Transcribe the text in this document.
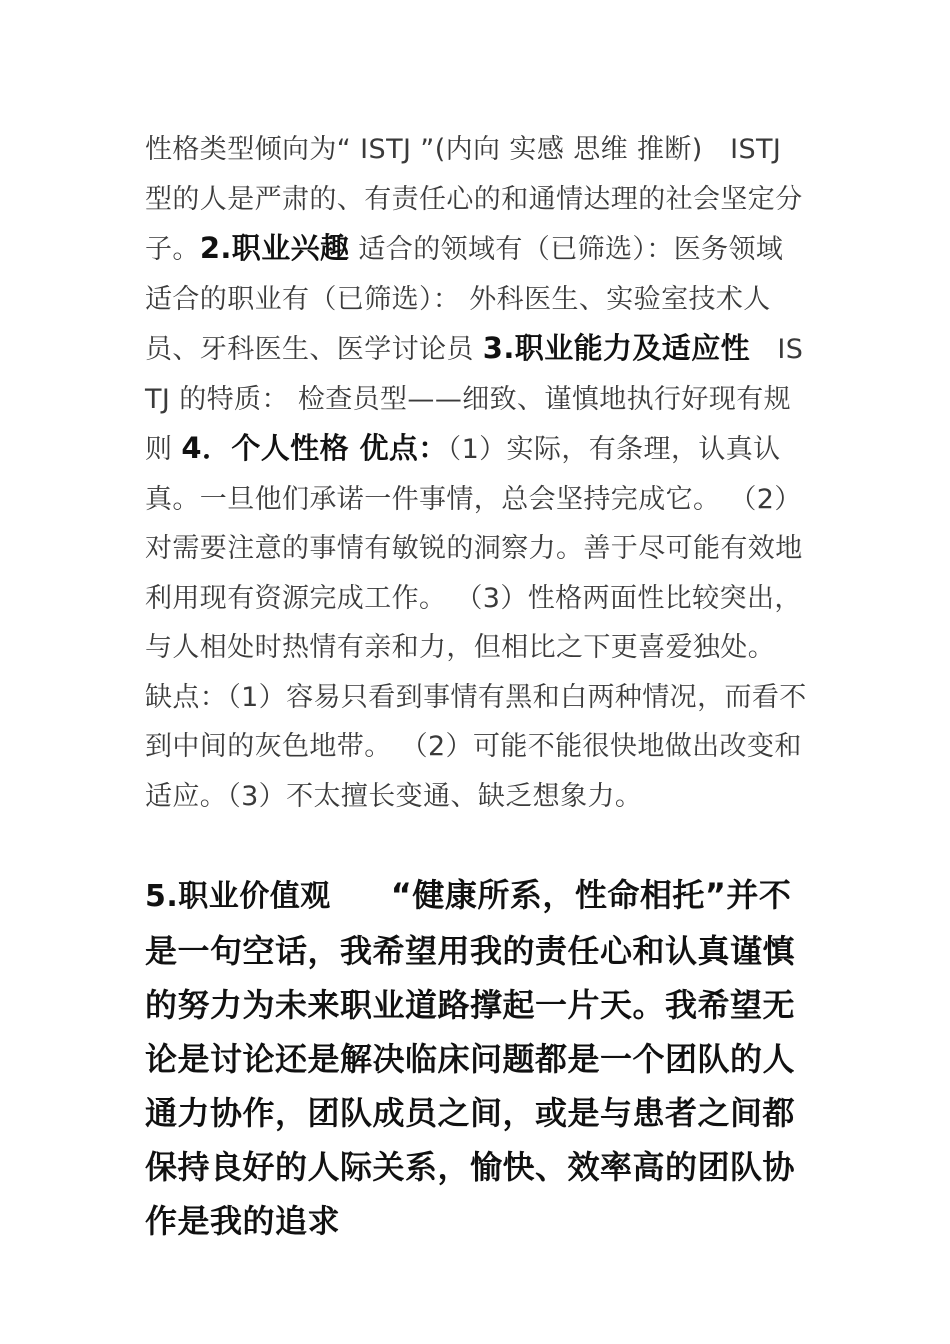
性格类型倾向为“ ISTJ ”(内向 实感 思维 推断)　ISTJ 型的人是严肃的、有责任心的和通情达理的社会坚定分子。2.职业兴趣 适合的领域有（已筛选）：医务领域 适合的职业有（已筛选）： 外科医生、实验室技术人员、牙科医生、医学讨论员 3.职业能力及适应性　ISTJ 的特质： 检查员型——细致、谨慎地执行好现有规则 4．个人性格 优点：（1）实际，有条理，认真认真。一旦他们承诺一件事情，总会坚持完成它。 （2）对需要注意的事情有敏锐的洞察力。善于尽可能有效地利用现有资源完成工作。 （3）性格两面性比较突出，与人相处时热情有亲和力，但相比之下更喜爱独处。 缺点：（1）容易只看到事情有黑和白两种情况，而看不到中间的灰色地带。 （2）可能不能很快地做出改变和适应。（3）不太擅长变通、缺乏想象力。
5.职业价值观 “健康所系，性命相托”并不是一句空话，我希望用我的责任心和认真谨慎的努力为未来职业道路撑起一片天。我希望无论是讨论还是解决临床问题都是一个团队的人通力协作，团队成员之间，或是与患者之间都保持良好的人际关系，愉快、效率高的团队协作是我的追求
